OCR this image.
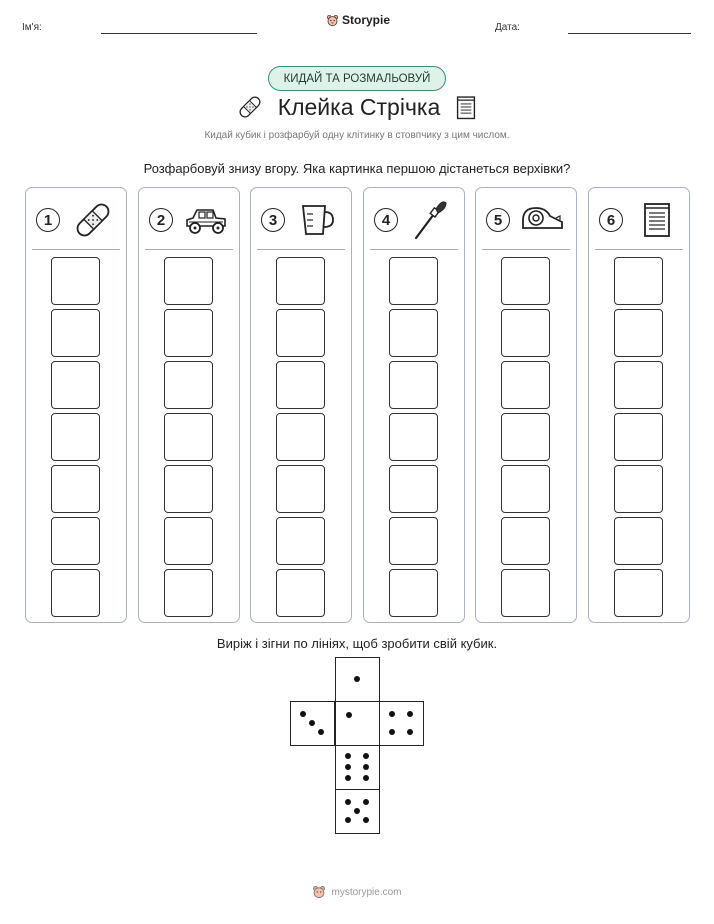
Ім'я:	Дата:
Storypie
КИДАЙ ТА РОЗМАЛЬОВУЙ
Клейка Стрічка
Кидай кубик і розфарбуй одну клітинку в стовпчику з цим числом.
Розфарбовуй знизу вгору. Яка картинка першою дістанеться верхівки?
1	2	3	4	5	6
Виріж і зігни по лініях, щоб зробити свій кубик.
mystorypie.com
